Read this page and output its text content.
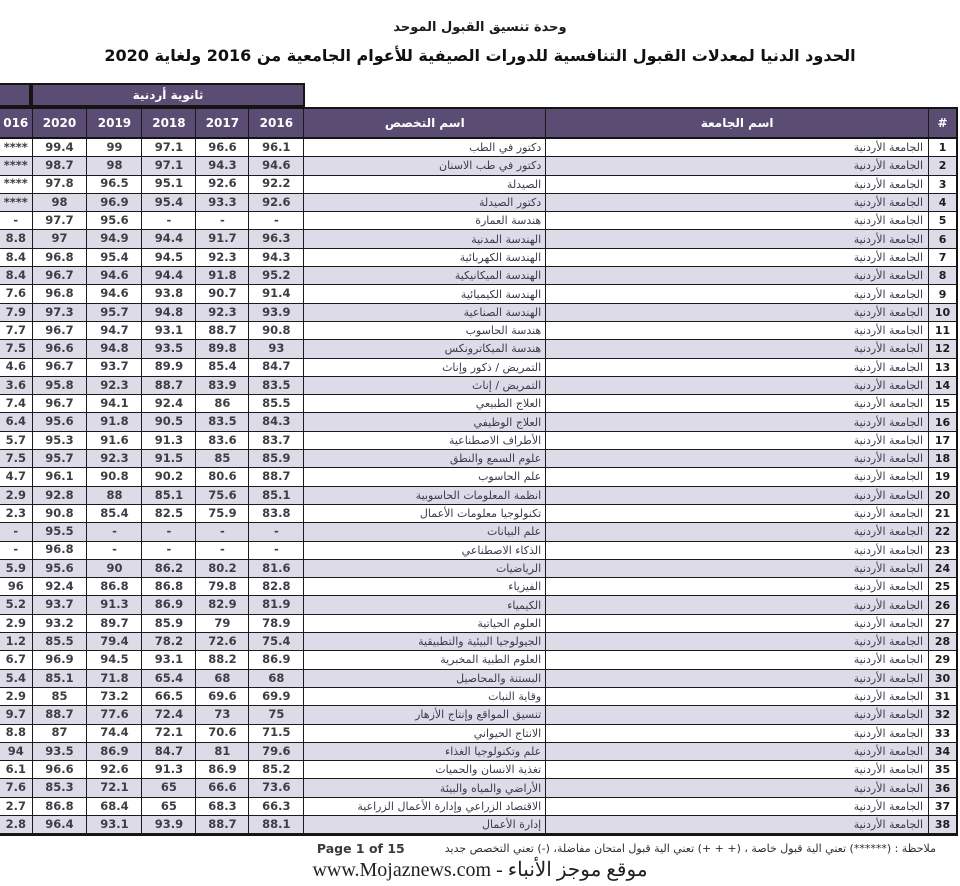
وحدة تنسيق القبول الموحد
الحدود الدنيا لمعدلات القبول التنافسية للدورات الصيفية للأعوام الجامعية من 2016 ولغاية 2020
ثانوية أردنية
#
اسم الجامعة
اسم التخصص
2016
2017
2018
2019
2020
016
1
الجامعة الأردنية
دكتور في الطب
96.1
96.6
97.1
99
99.4
****
2
الجامعة الأردنية
دكتور في طب الاسنان
94.6
94.3
97.1
98
98.7
****
3
الجامعة الأردنية
الصيدلة
92.2
92.6
95.1
96.5
97.8
****
4
الجامعة الأردنية
دكتور الصيدلة
92.6
93.3
95.4
96.9
98
****
5
الجامعة الأردنية
هندسة العمارة
-
-
-
95.6
97.7
-
6
الجامعة الأردنية
الهندسة المدنية
96.3
91.7
94.4
94.9
97
8.8
7
الجامعة الأردنية
الهندسة الكهربائية
94.3
92.3
94.5
95.4
96.8
8.4
8
الجامعة الأردنية
الهندسة الميكانيكية
95.2
91.8
94.4
94.6
96.7
8.4
9
الجامعة الأردنية
الهندسة الكيميائية
91.4
90.7
93.8
94.6
96.8
7.6
10
الجامعة الأردنية
الهندسة الصناعية
93.9
92.3
94.8
95.7
97.3
7.9
11
الجامعة الأردنية
هندسة الحاسوب
90.8
88.7
93.1
94.7
96.7
7.7
12
الجامعة الأردنية
هندسة الميكاترونكس
93
89.8
93.5
94.8
96.6
7.5
13
الجامعة الأردنية
التمريض / ذكور وإناث
84.7
85.4
89.9
93.7
96.7
4.6
14
الجامعة الأردنية
التمريض / إناث
83.5
83.9
88.7
92.3
95.8
3.6
15
الجامعة الأردنية
العلاج الطبيعي
85.5
86
92.4
94.1
96.7
7.4
16
الجامعة الأردنية
العلاج الوظيفي
84.3
83.5
90.5
91.8
95.6
6.4
17
الجامعة الأردنية
الأطراف الاصطناعية
83.7
83.6
91.3
91.6
95.3
5.7
18
الجامعة الأردنية
علوم السمع والنطق
85.9
85
91.5
92.3
95.7
7.5
19
الجامعة الأردنية
علم الحاسوب
88.7
80.6
90.2
90.8
96.1
4.7
20
الجامعة الأردنية
انظمة المعلومات الحاسوبية
85.1
75.6
85.1
88
92.8
2.9
21
الجامعة الأردنية
تكنولوجيا معلومات الأعمال
83.8
75.9
82.5
85.4
90.8
2.3
22
الجامعة الأردنية
علم البيانات
-
-
-
-
95.5
-
23
الجامعة الأردنية
الذكاء الاصطناعي
-
-
-
-
96.8
-
24
الجامعة الأردنية
الرياضيات
81.6
80.2
86.2
90
95.6
5.9
25
الجامعة الأردنية
الفيزياء
82.8
79.8
86.8
86.8
92.4
96
26
الجامعة الأردنية
الكيمياء
81.9
82.9
86.9
91.3
93.7
5.2
27
الجامعة الأردنية
العلوم الحياتية
78.9
79
85.9
89.7
93.2
2.9
28
الجامعة الأردنية
الجيولوجيا البيئية والتطبيقية
75.4
72.6
78.2
79.4
85.5
1.2
29
الجامعة الأردنية
العلوم الطبية المخبرية
86.9
88.2
93.1
94.5
96.9
6.7
30
الجامعة الأردنية
البستنة والمحاصيل
68
68
65.4
71.8
85.1
5.4
31
الجامعة الأردنية
وقاية النبات
69.9
69.6
66.5
73.2
85
2.9
32
الجامعة الأردنية
تنسيق المواقع وإنتاج الأزهار
75
73
72.4
77.6
88.7
9.7
33
الجامعة الأردنية
الانتاج الحيواني
71.5
70.6
72.1
74.4
87
8.8
34
الجامعة الأردنية
علم وتكنولوجيا الغذاء
79.6
81
84.7
86.9
93.5
94
35
الجامعة الأردنية
تغذية الانسان والحميات
85.2
86.9
91.3
92.6
96.6
6.1
36
الجامعة الأردنية
الأراضي والمياه والبيئة
73.6
66.6
65
72.1
85.3
7.6
37
الجامعة الأردنية
الاقتصاد الزراعي وإدارة الأعمال الزراعية
66.3
68.3
65
68.4
86.8
2.7
38
الجامعة الأردنية
إدارة الأعمال
88.1
88.7
93.9
93.1
96.4
2.8
ملاحظة : (******) تعني الية قبول خاصة ، (+ + +) تعني الية قبول امتحان مفاضلة، (-) تعني التخصص جديد
Page 1 of 15
www.Mojaznews.com - موقع موجز الأنباء
